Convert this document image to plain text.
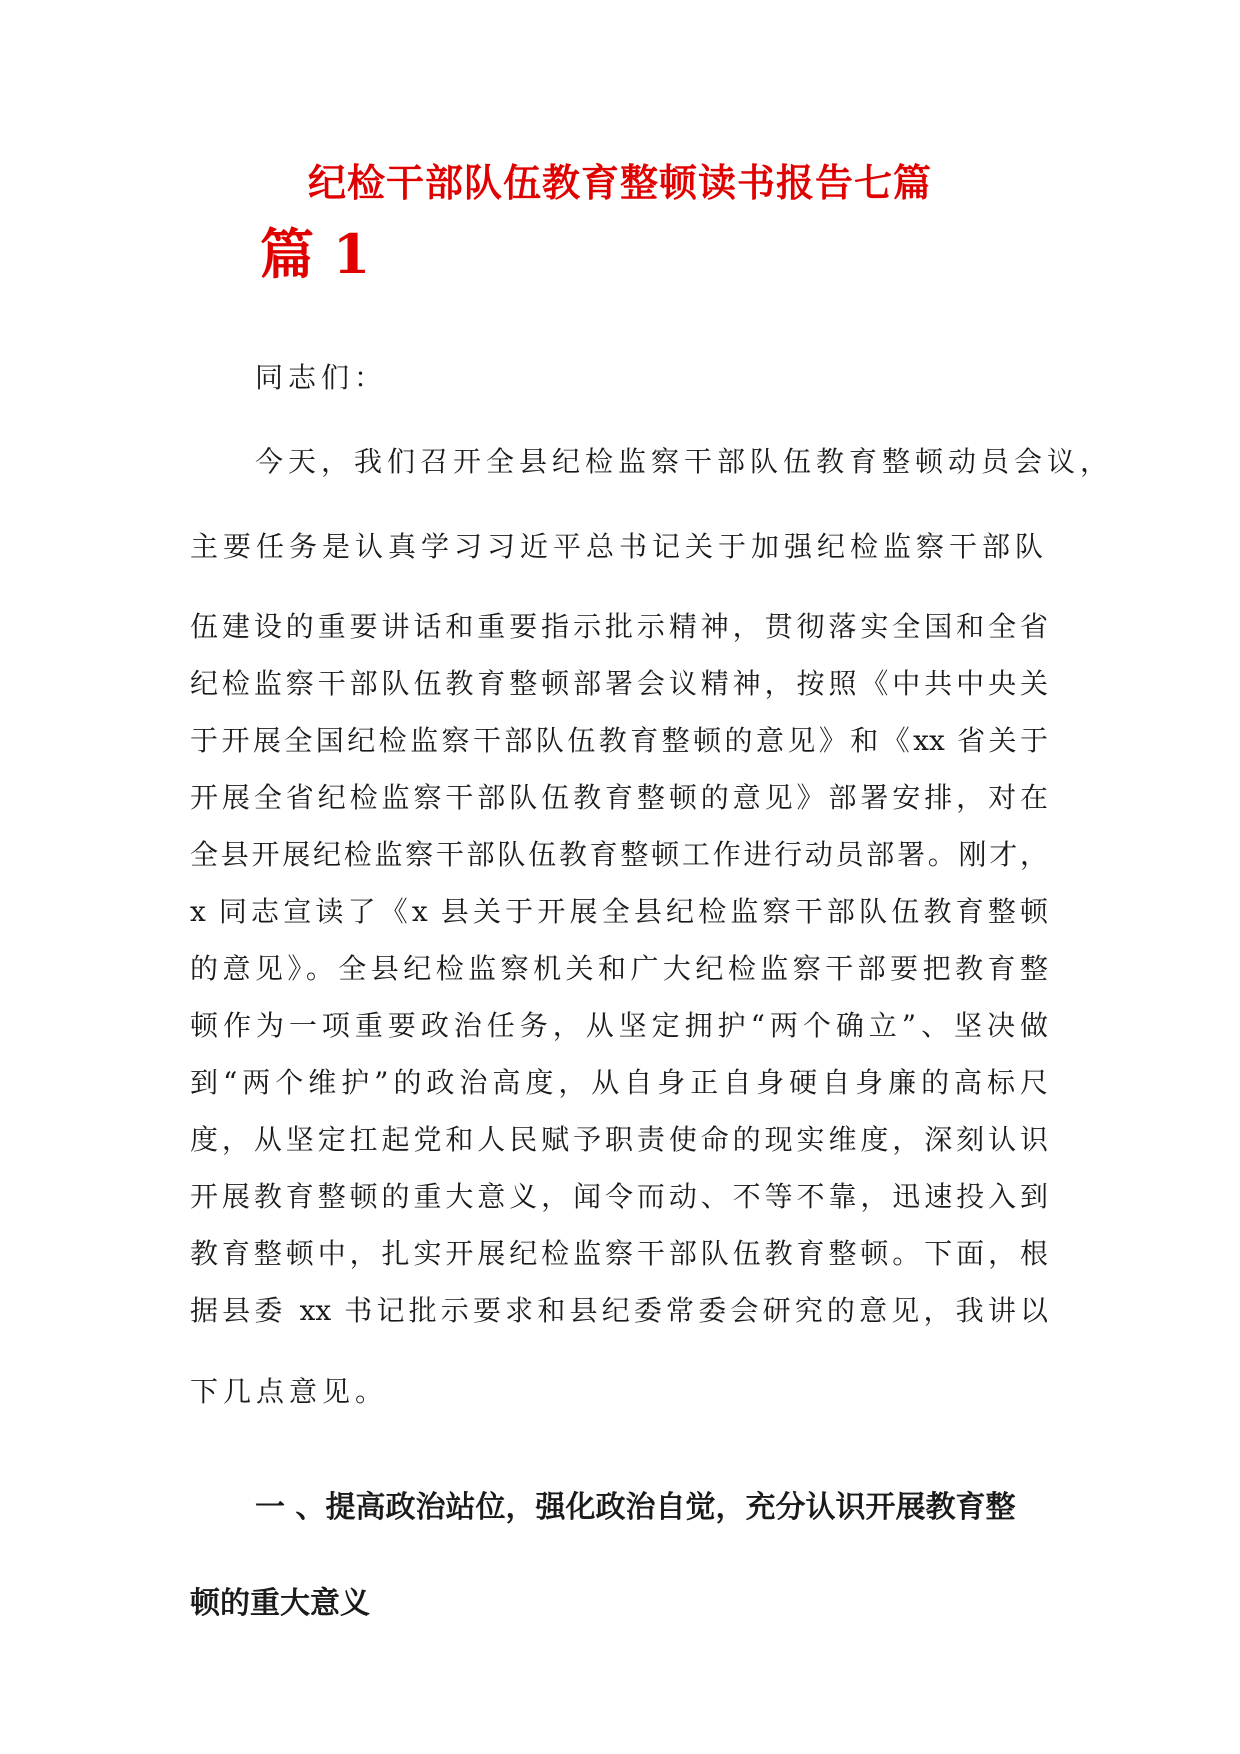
纪检干部队伍教育整顿读书报告七篇
篇 1
同志们：
今天，我们召开全县纪检监察干部队伍教育整顿动员会议，
主要任务是认真学习习近平总书记关于加强纪检监察干部队
伍建设的重要讲话和重要指示批示精神，贯彻落实全国和全省
纪检监察干部队伍教育整顿部署会议精神，按照《中共中央关
于开展全国纪检监察干部队伍教育整顿的意见》和《xx 省关于
开展全省纪检监察干部队伍教育整顿的意见》部署安排，对在
全县开展纪检监察干部队伍教育整顿工作进行动员部署。刚才，
x 同志宣读了《x 县关于开展全县纪检监察干部队伍教育整顿
的意见》。全县纪检监察机关和广大纪检监察干部要把教育整
顿作为一项重要政治任务，从坚定拥护“两个确立”、坚决做
到“两个维护”的政治高度，从自身正自身硬自身廉的高标尺
度，从坚定扛起党和人民赋予职责使命的现实维度，深刻认识
开展教育整顿的重大意义，闻令而动、不等不靠，迅速投入到
教育整顿中，扎实开展纪检监察干部队伍教育整顿。下面，根
据县委 xx 书记批示要求和县纪委常委会研究的意见，我讲以
下几点意见。
一 、提高政治站位，强化政治自觉，充分认识开展教育整
顿的重大意义
